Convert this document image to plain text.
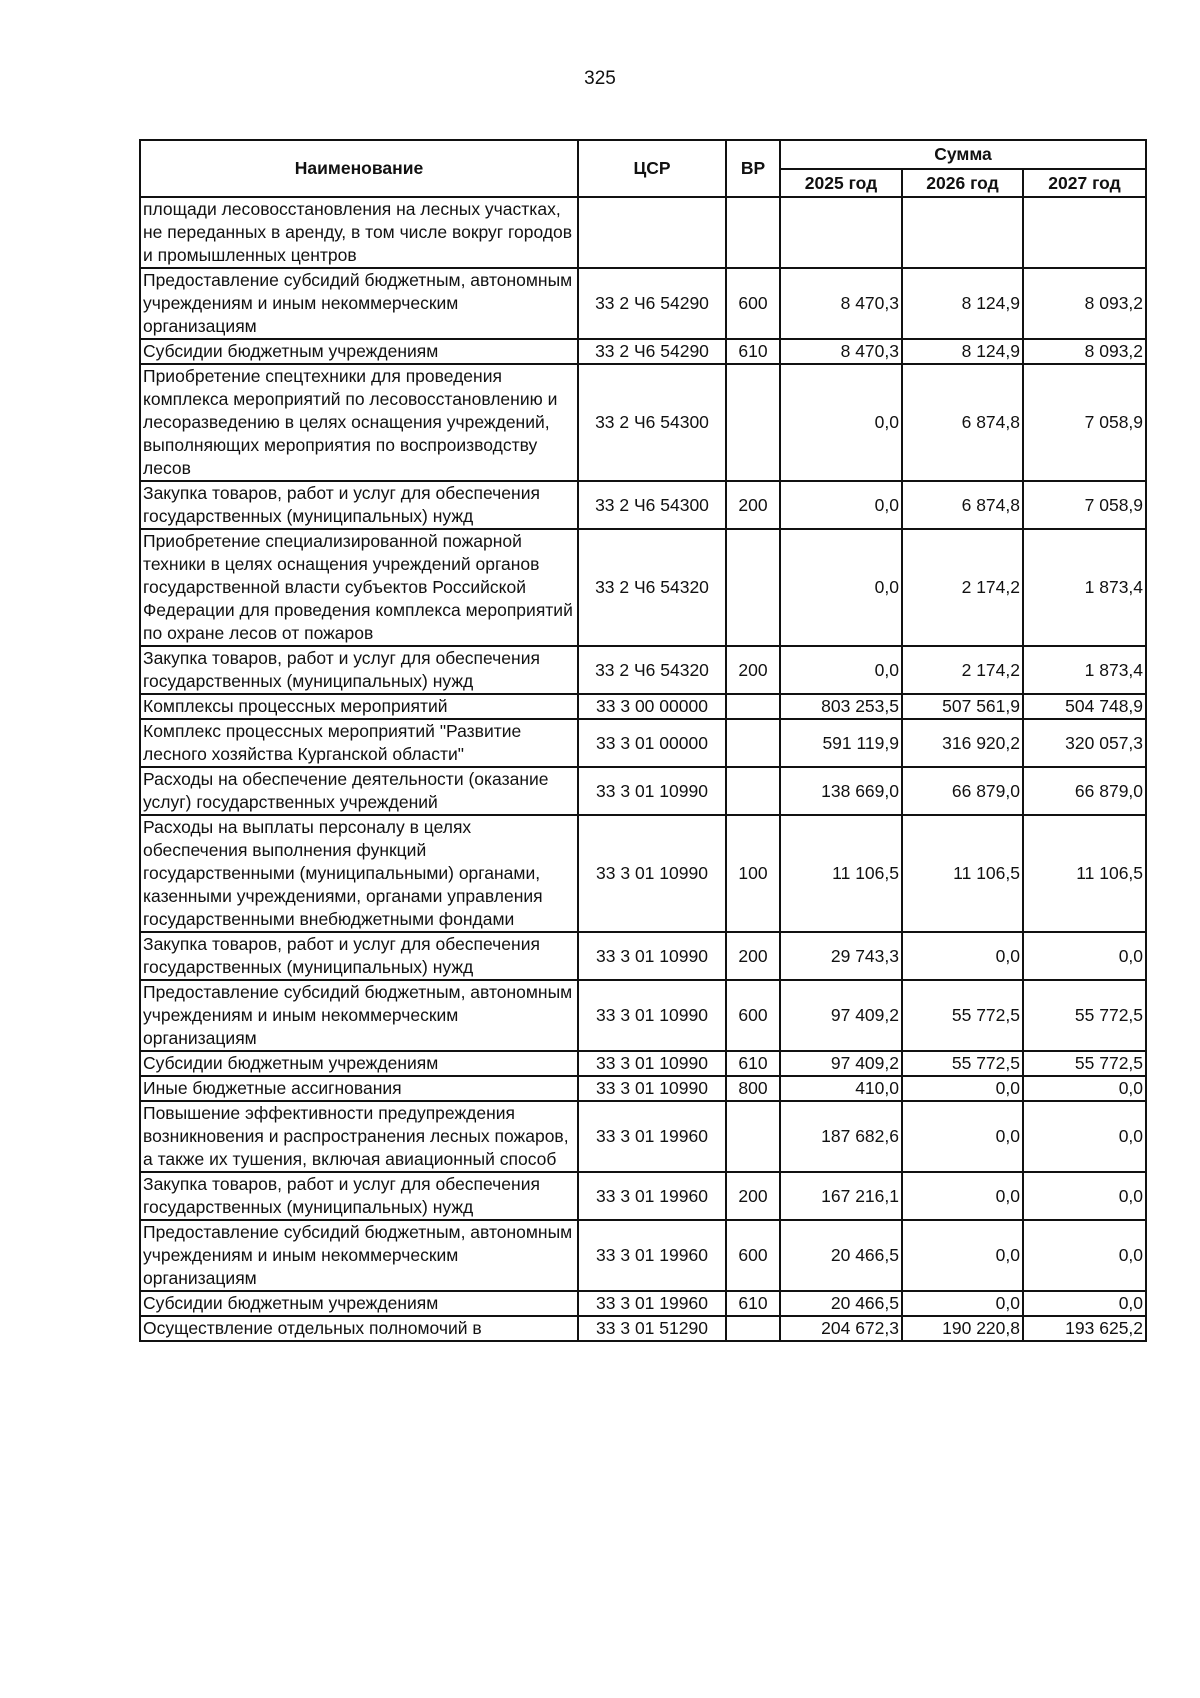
325
Наименование	ЦСР	ВР	Сумма		
			2025 год	2026 год	2027 год
площади лесовосстановления на лесных участках, не переданных в аренду, в том числе вокруг городов и промышленных центров					
Предоставление субсидий бюджетным, автономным учреждениям и иным некоммерческим организациям	33 2 Ч6 54290	600	8 470,3	8 124,9	8 093,2
Субсидии бюджетным учреждениям	33 2 Ч6 54290	610	8 470,3	8 124,9	8 093,2
Приобретение спецтехники для проведения комплекса мероприятий по лесовосстановлению и лесоразведению в целях оснащения учреждений, выполняющих мероприятия по воспроизводству лесов	33 2 Ч6 54300		0,0	6 874,8	7 058,9
Закупка товаров, работ и услуг для обеспечения государственных (муниципальных) нужд	33 2 Ч6 54300	200	0,0	6 874,8	7 058,9
Приобретение специализированной пожарной техники в целях оснащения учреждений органов государственной власти субъектов Российской Федерации для проведения комплекса мероприятий по охране лесов от пожаров	33 2 Ч6 54320		0,0	2 174,2	1 873,4
Закупка товаров, работ и услуг для обеспечения государственных (муниципальных) нужд	33 2 Ч6 54320	200	0,0	2 174,2	1 873,4
Комплексы процессных мероприятий	33 3 00 00000		803 253,5	507 561,9	504 748,9
Комплекс процессных мероприятий "Развитие лесного хозяйства Курганской области"	33 3 01 00000		591 119,9	316 920,2	320 057,3
Расходы на обеспечение деятельности (оказание услуг) государственных учреждений	33 3 01 10990		138 669,0	66 879,0	66 879,0
Расходы на выплаты персоналу в целях обеспечения выполнения функций государственными (муниципальными) органами, казенными учреждениями, органами управления государственными внебюджетными фондами	33 3 01 10990	100	11 106,5	11 106,5	11 106,5
Закупка товаров, работ и услуг для обеспечения государственных (муниципальных) нужд	33 3 01 10990	200	29 743,3	0,0	0,0
Предоставление субсидий бюджетным, автономным учреждениям и иным некоммерческим организациям	33 3 01 10990	600	97 409,2	55 772,5	55 772,5
Субсидии бюджетным учреждениям	33 3 01 10990	610	97 409,2	55 772,5	55 772,5
Иные бюджетные ассигнования	33 3 01 10990	800	410,0	0,0	0,0
Повышение эффективности предупреждения возникновения и распространения лесных пожаров, а также их тушения, включая авиационный способ	33 3 01 19960		187 682,6	0,0	0,0
Закупка товаров, работ и услуг для обеспечения государственных (муниципальных) нужд	33 3 01 19960	200	167 216,1	0,0	0,0
Предоставление субсидий бюджетным, автономным учреждениям и иным некоммерческим организациям	33 3 01 19960	600	20 466,5	0,0	0,0
Субсидии бюджетным учреждениям	33 3 01 19960	610	20 466,5	0,0	0,0
Осуществление отдельных полномочий в	33 3 01 51290		204 672,3	190 220,8	193 625,2
